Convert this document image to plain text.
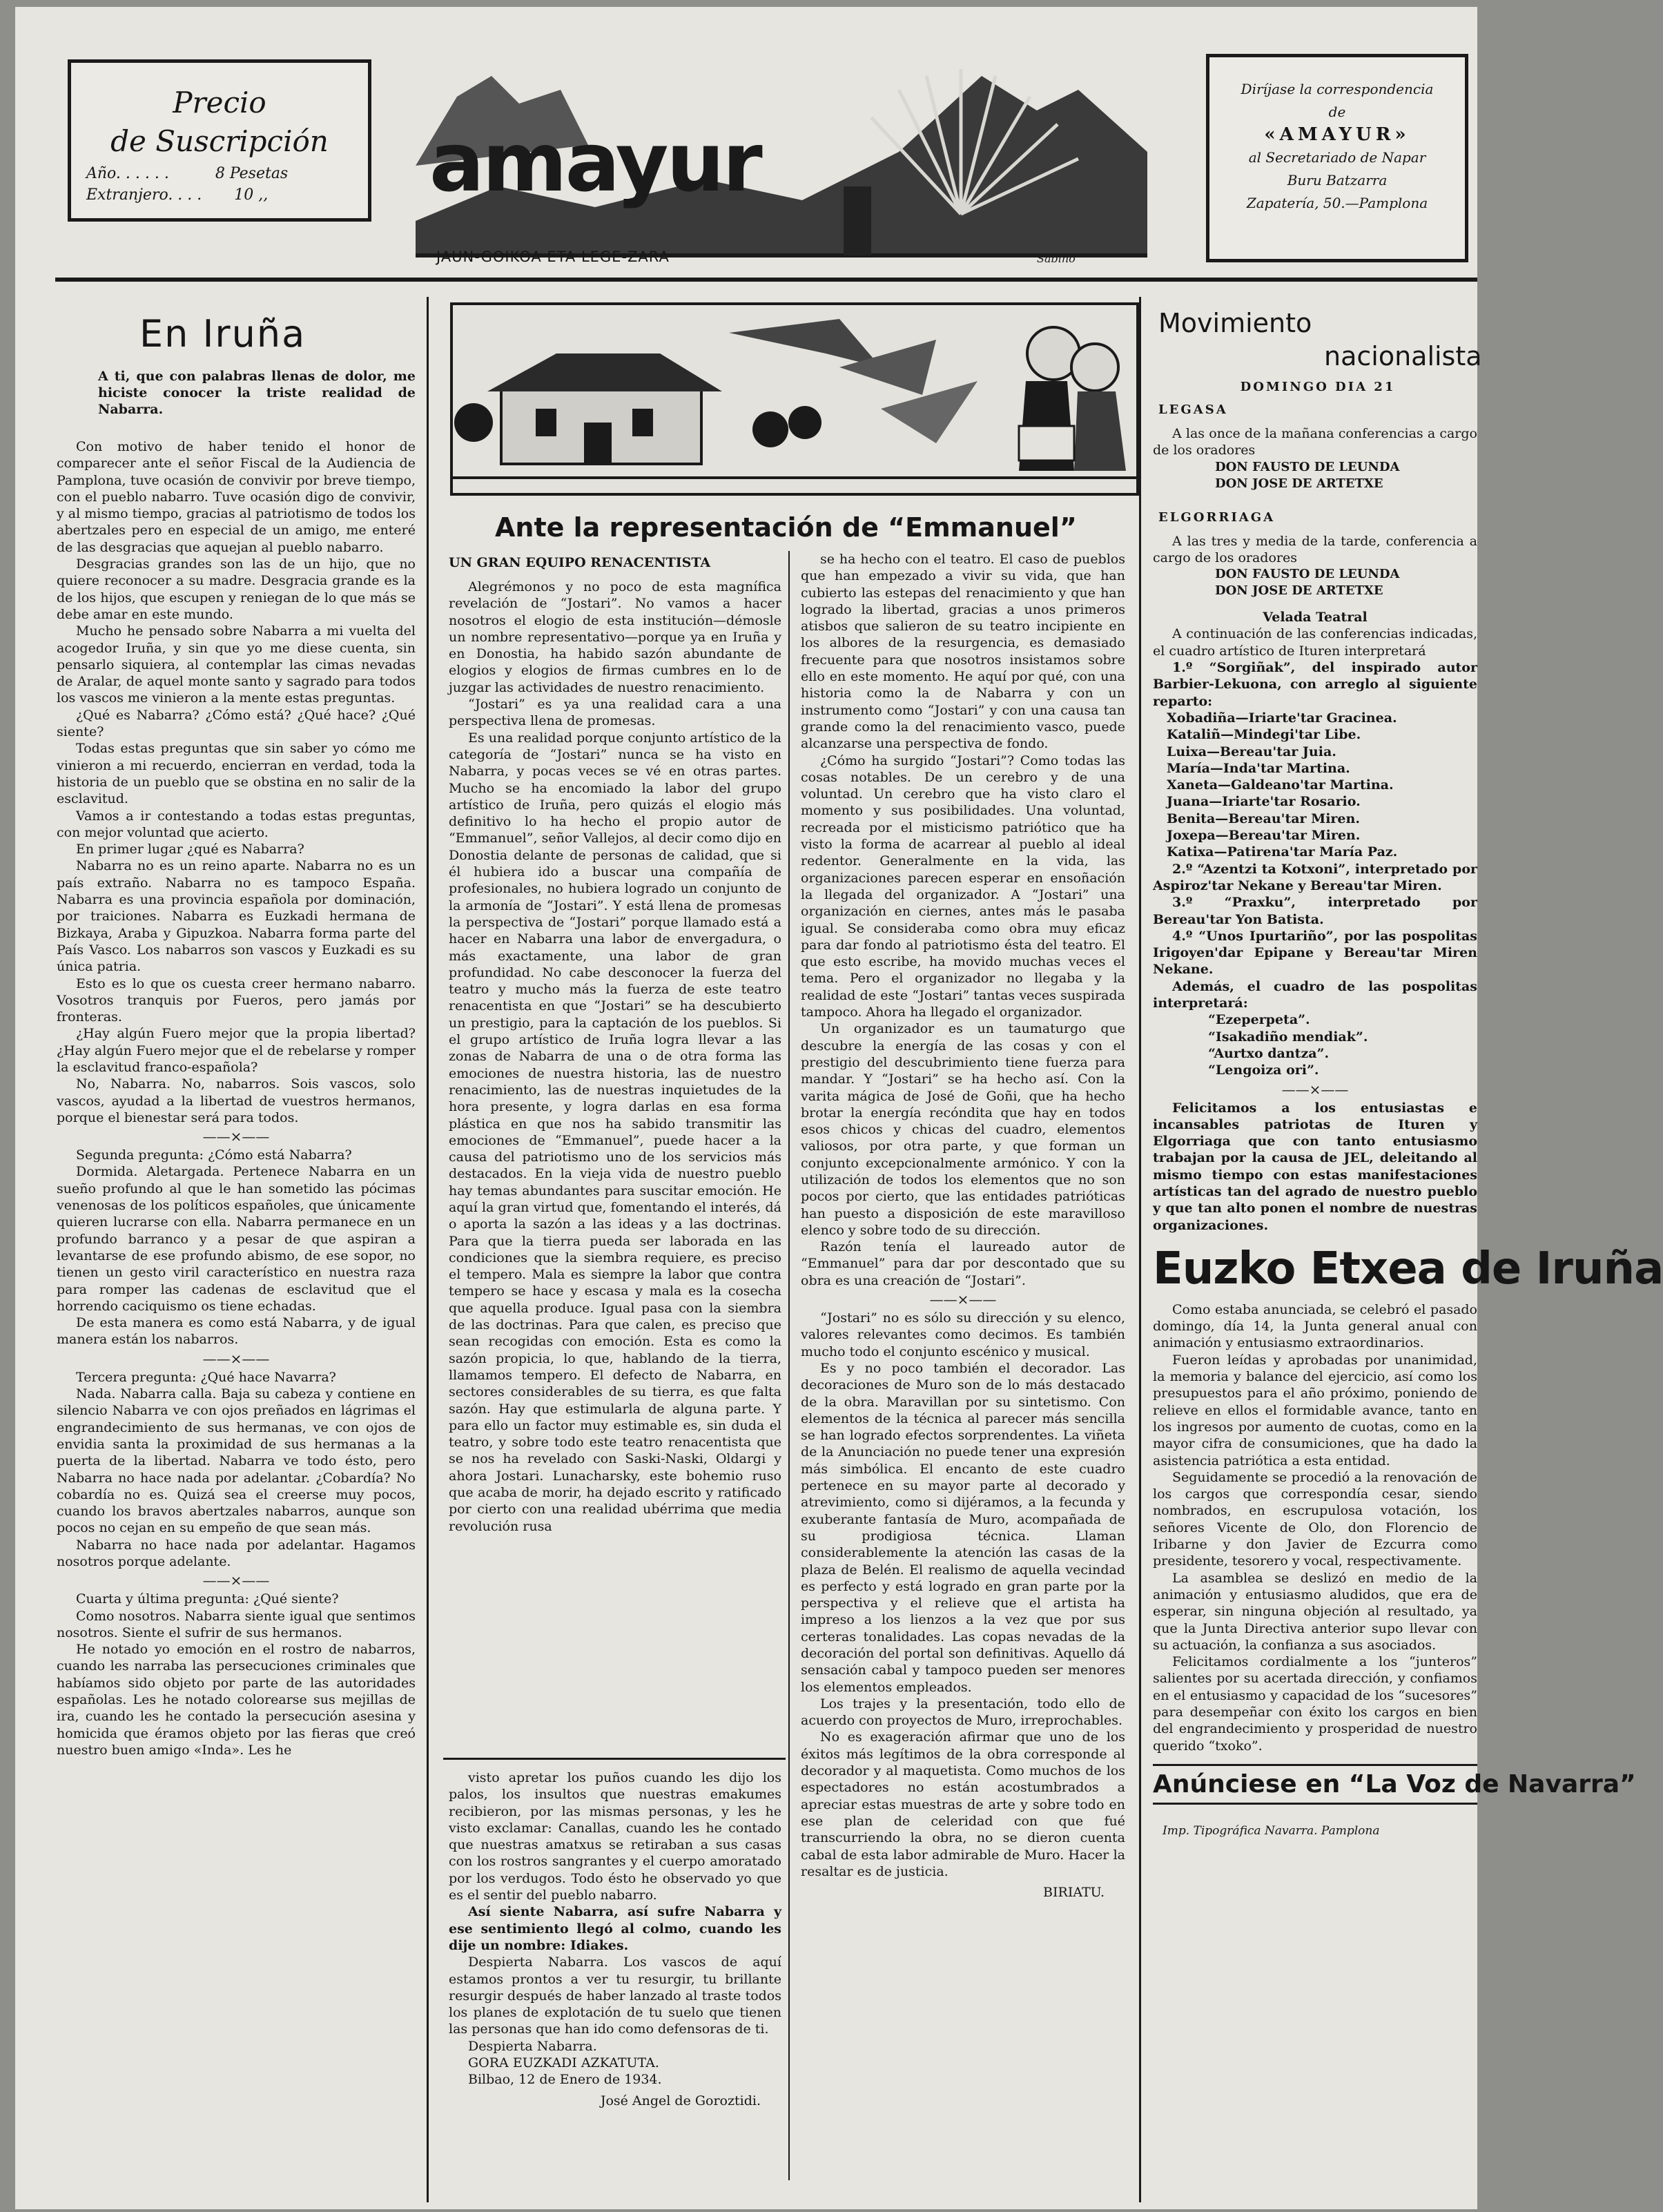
Precio
de Suscripción
Año. . . . . .	8 Pesetas
Extranjero. . . . 10 ,,
Sabino
amayur
JAUN-GOIKOA ETA LEGE-ZARA
Diríjase la correspondencia
de
«AMAYUR»
al Secretariado de Napar
Buru Batzarra
Zapatería, 50.—Pamplona
En Iruña

A ti, que con palabras llenas de dolor, me hiciste conocer la triste realidad de Nabarra.

Con motivo de haber tenido el honor de comparecer ante el señor Fiscal de la Audiencia de Pamplona, tuve ocasión de convivir por breve tiempo, con el pueblo nabarro. Tuve ocasión digo de convivir, y al mismo tiempo, gracias al patriotismo de todos los abertzales pero en especial de un amigo, me enteré de las desgracias que aquejan al pueblo nabarro.

Desgracias grandes son las de un hijo, que no quiere reconocer a su madre. Desgracia grande es la de los hijos, que escupen y reniegan de lo que más se debe amar en este mundo.

Mucho he pensado sobre Nabarra a mi vuelta del acogedor Iruña, y sin que yo me diese cuenta, sin pensarlo siquiera, al contemplar las cimas nevadas de Aralar, de aquel monte santo y sagrado para todos los vascos me vinieron a la mente estas preguntas.

¿Qué es Nabarra? ¿Cómo está? ¿Qué hace? ¿Qué siente?

Todas estas preguntas que sin saber yo cómo me vinieron a mi recuerdo, encierran en verdad, toda la historia de un pueblo que se obstina en no salir de la esclavitud.

Vamos a ir contestando a todas estas preguntas, con mejor voluntad que acierto.

En primer lugar ¿qué es Nabarra?

Nabarra no es un reino aparte. Nabarra no es un país extraño. Nabarra no es tampoco España. Nabarra es una provincia española por dominación, por traiciones. Nabarra es Euzkadi hermana de Bizkaya, Araba y Gipuzkoa. Nabarra forma parte del País Vasco. Los nabarros son vascos y Euzkadi es su única patria.

Esto es lo que os cuesta creer hermano nabarro. Vosotros tranquis por Fueros, pero jamás por fronteras.

¿Hay algún Fuero mejor que la propia libertad? ¿Hay algún Fuero mejor que el de rebelarse y romper la esclavitud franco-española?

No, Nabarra. No, nabarros. Sois vascos, solo vascos, ayudad a la libertad de vuestros hermanos, porque el bienestar será para todos.

——×——

Segunda pregunta: ¿Cómo está Nabarra?

Dormida. Aletargada. Pertenece Nabarra en un sueño profundo al que le han sometido las pócimas venenosas de los políticos españoles, que únicamente quieren lucrarse con ella. Nabarra permanece en un profundo barranco y a pesar de que aspiran a levantarse de ese profundo abismo, de ese sopor, no tienen un gesto viril característico en nuestra raza para romper las cadenas de esclavitud que el horrendo caciquismo os tiene echadas.

De esta manera es como está Nabarra, y de igual manera están los nabarros.

——×——

Tercera pregunta: ¿Qué hace Navarra?

Nada. Nabarra calla. Baja su cabeza y contiene en silencio Nabarra ve con ojos preñados en lágrimas el engrandecimiento de sus hermanas, ve con ojos de envidia santa la proximidad de sus hermanas a la puerta de la libertad. Nabarra ve todo ésto, pero Nabarra no hace nada por adelantar. ¿Cobardía? No cobardía no es. Quizá sea el creerse muy pocos, cuando los bravos abertzales nabarros, aunque son pocos no cejan en su empeño de que sean más.

Nabarra no hace nada por adelantar. Hagamos nosotros porque adelante.

——×——

Cuarta y última pregunta: ¿Qué siente?

Como nosotros. Nabarra siente igual que sentimos nosotros. Siente el sufrir de sus hermanos.

He notado yo emoción en el rostro de nabarros, cuando les narraba las persecuciones criminales que habíamos sido objeto por parte de las autoridades españolas. Les he notado colorearse sus mejillas de ira, cuando les he contado la persecución asesina y homicida que éramos objeto por las fieras que creó nuestro buen amigo «Inda». Les he

Ante la representación de “Emmanuel”
UN GRAN EQUIPO RENACENTISTA

Alegrémonos y no poco de esta magnífica revelación de “Jostari”. No vamos a hacer nosotros el elogio de esta institución—démosle un nombre representativo—porque ya en Iruña y en Donostia, ha habido sazón abundante de elogios y elogios de firmas cumbres en lo de juzgar las actividades de nuestro renacimiento.

“Jostari” es ya una realidad cara a una perspectiva llena de promesas.

Es una realidad porque conjunto artístico de la categoría de “Jostari” nunca se ha visto en Nabarra, y pocas veces se vé en otras partes. Mucho se ha encomiado la labor del grupo artístico de Iruña, pero quizás el elogio más definitivo lo ha hecho el propio autor de “Emmanuel”, señor Vallejos, al decir como dijo en Donostia delante de personas de calidad, que si él hubiera ido a buscar una compañía de profesionales, no hubiera logrado un conjunto de la armonía de “Jostari”. Y está llena de promesas la perspectiva de “Jostari” porque llamado está a hacer en Nabarra una labor de envergadura, o más exactamente, una labor de gran profundidad. No cabe desconocer la fuerza del teatro y mucho más la fuerza de este teatro renacentista en que “Jostari” se ha descubierto un prestigio, para la captación de los pueblos. Si el grupo artístico de Iruña logra llevar a las zonas de Nabarra de una o de otra forma las emociones de nuestra historia, las de nuestro renacimiento, las de nuestras inquietudes de la hora presente, y logra darlas en esa forma plástica en que nos ha sabido transmitir las emociones de “Emmanuel”, puede hacer a la causa del patriotismo uno de los servicios más destacados. En la vieja vida de nuestro pueblo hay temas abundantes para suscitar emoción. He aquí la gran virtud que, fomentando el interés, dá o aporta la sazón a las ideas y a las doctrinas. Para que la tierra pueda ser laborada en las condiciones que la siembra requiere, es preciso el tempero. Mala es siempre la labor que contra tempero se hace y escasa y mala es la cosecha que aquella produce. Igual pasa con la siembra de las doctrinas. Para que calen, es preciso que sean recogidas con emoción. Esta es como la sazón propicia, lo que, hablando de la tierra, llamamos tempero. El defecto de Nabarra, en sectores considerables de su tierra, es que falta sazón. Hay que estimularla de alguna parte. Y para ello un factor muy estimable es, sin duda el teatro, y sobre todo este teatro renacentista que se nos ha revelado con Saski-Naski, Oldargi y ahora Jostari. Lunacharsky, este bohemio ruso que acaba de morir, ha dejado escrito y ratificado por cierto con una realidad ubérrima que media revolución rusa

visto apretar los puños cuando les dijo los palos, los insultos que nuestras emakumes recibieron, por las mismas personas, y les he visto exclamar: Canallas, cuando les he contado que nuestras amatxus se retiraban a sus casas con los rostros sangrantes y el cuerpo amoratado por los verdugos. Todo ésto he observado yo que es el sentir del pueblo nabarro.

Así siente Nabarra, así sufre Nabarra y ese sentimiento llegó al colmo, cuando les dije un nombre: Idiakes.

Despierta Nabarra. Los vascos de aquí estamos prontos a ver tu resurgir, tu brillante resurgir después de haber lanzado al traste todos los planes de explotación de tu suelo que tienen las personas que han ido como defensoras de ti.

Despierta Nabarra.

GORA EUZKADI AZKATUTA.

Bilbao, 12 de Enero de 1934.

José Angel de Goroztidi.

se ha hecho con el teatro. El caso de pueblos que han empezado a vivir su vida, que han cubierto las estepas del renacimiento y que han logrado la libertad, gracias a unos primeros atisbos que salieron de su teatro incipiente en los albores de la resurgencia, es demasiado frecuente para que nosotros insistamos sobre ello en este momento. He aquí por qué, con una historia como la de Nabarra y con un instrumento como “Jostari” y con una causa tan grande como la del renacimiento vasco, puede alcanzarse una perspectiva de fondo.

¿Cómo ha surgido “Jostari”? Como todas las cosas notables. De un cerebro y de una voluntad. Un cerebro que ha visto claro el momento y sus posibilidades. Una voluntad, recreada por el misticismo patriótico que ha visto la forma de acarrear al pueblo al ideal redentor. Generalmente en la vida, las organizaciones parecen esperar en ensoñación la llegada del organizador. A “Jostari” una organización en ciernes, antes más le pasaba igual. Se consideraba como obra muy eficaz para dar fondo al patriotismo ésta del teatro. El que esto escribe, ha movido muchas veces el tema. Pero el organizador no llegaba y la realidad de este “Jostari” tantas veces suspirada tampoco. Ahora ha llegado el organizador.

Un organizador es un taumaturgo que descubre la energía de las cosas y con el prestigio del descubrimiento tiene fuerza para mandar. Y “Jostari” se ha hecho así. Con la varita mágica de José de Goñi, que ha hecho brotar la energía recóndita que hay en todos esos chicos y chicas del cuadro, elementos valiosos, por otra parte, y que forman un conjunto excepcionalmente armónico. Y con la utilización de todos los elementos que no son pocos por cierto, que las entidades patrióticas han puesto a disposición de este maravilloso elenco y sobre todo de su dirección.

Razón tenía el laureado autor de “Emmanuel” para dar por descontado que su obra es una creación de “Jostari”.

——×——

“Jostari” no es sólo su dirección y su elenco, valores relevantes como decimos. Es también mucho todo el conjunto escénico y musical.

Es y no poco también el decorador. Las decoraciones de Muro son de lo más destacado de la obra. Maravillan por su sintetismo. Con elementos de la técnica al parecer más sencilla se han logrado efectos sorprendentes. La viñeta de la Anunciación no puede tener una expresión más simbólica. El encanto de este cuadro pertenece en su mayor parte al decorado y atrevimiento, como si dijéramos, a la fecunda y exuberante fantasía de Muro, acompañada de su prodigiosa técnica. Llaman considerablemente la atención las casas de la plaza de Belén. El realismo de aquella vecindad es perfecto y está logrado en gran parte por la perspectiva y el relieve que el artista ha impreso a los lienzos a la vez que por sus certeras tonalidades. Las copas nevadas de la decoración del portal son definitivas. Aquello dá sensación cabal y tampoco pueden ser menores los elementos empleados.

Los trajes y la presentación, todo ello de acuerdo con proyectos de Muro, irreprochables.

No es exageración afirmar que uno de los éxitos más legítimos de la obra corresponde al decorador y al maquetista. Como muchos de los espectadores no están acostumbrados a apreciar estas muestras de arte y sobre todo en ese plan de celeridad con que fué transcurriendo la obra, no se dieron cuenta cabal de esta labor admirable de Muro. Hacer la resaltar es de justicia.

BIRIATU.
Movimiento
nacionalista
DOMINGO DIA 21
LEGASA

A las once de la mañana conferencias a cargo de los oradores

DON FAUSTO DE LEUNDA
DON JOSE DE ARTETXE
ELGORRIAGA

A las tres y media de la tarde, conferencia a cargo de los oradores

DON FAUSTO DE LEUNDA
DON JOSE DE ARTETXE
Velada Teatral

A continuación de las conferencias indicadas, el cuadro artístico de Ituren interpretará

1.º “Sorgiñak”, del inspirado autor Barbier-Lekuona, con arreglo al siguiente reparto:

Xobadiña—Iriarte'tar Gracinea.
Kataliñ—Mindegi'tar Libe.
Luixa—Bereau'tar Juia.
María—Inda'tar Martina.
Xaneta—Galdeano'tar Martina.
Juana—Iriarte'tar Rosario.
Benita—Bereau'tar Miren.
Joxepa—Bereau'tar Miren.
Katixa—Patirena'tar María Paz.

2.º “Azentzi ta Kotxoni”, interpretado por Aspiroz'tar Nekane y Bereau'tar Miren.

3.º “Praxku”, interpretado por Bereau'tar Yon Batista.

4.º “Unos Ipurtariño”, por las pospolitas Irigoyen'dar Epipane y Bereau'tar Miren Nekane.

Además, el cuadro de las pospolitas interpretará:

“Ezeperpeta”.
“Isakadiño mendiak”.
“Aurtxo dantza”.
“Lengoiza ori”.
——×——

Felicitamos a los entusiastas e incansables patriotas de Ituren y Elgorriaga que con tanto entusiasmo trabajan por la causa de JEL, deleitando al mismo tiempo con estas manifestaciones artísticas tan del agrado de nuestro pueblo y que tan alto ponen el nombre de nuestras organizaciones.

Euzko Etxea de Iruña

Como estaba anunciada, se celebró el pasado domingo, día 14, la Junta general anual con animación y entusiasmo extraordinarios.

Fueron leídas y aprobadas por unanimidad, la memoria y balance del ejercicio, así como los presupuestos para el año próximo, poniendo de relieve en ellos el formidable avance, tanto en los ingresos por aumento de cuotas, como en la mayor cifra de consumiciones, que ha dado la asistencia patriótica a esta entidad.

Seguidamente se procedió a la renovación de los cargos que correspondía cesar, siendo nombrados, en escrupulosa votación, los señores Vicente de Olo, don Florencio de Iribarne y don Javier de Ezcurra como presidente, tesorero y vocal, respectivamente.

La asamblea se deslizó en medio de la animación y entusiasmo aludidos, que era de esperar, sin ninguna objeción al resultado, ya que la Junta Directiva anterior supo llevar con su actuación, la confianza a sus asociados.

Felicitamos cordialmente a los “junteros” salientes por su acertada dirección, y confiamos en el entusiasmo y capacidad de los “sucesores” para desempeñar con éxito los cargos en bien del engrandecimiento y prosperidad de nuestro querido “txoko”.

Anúnciese en “La Voz de Navarra”
Imp. Tipográfica Navarra. Pamplona
